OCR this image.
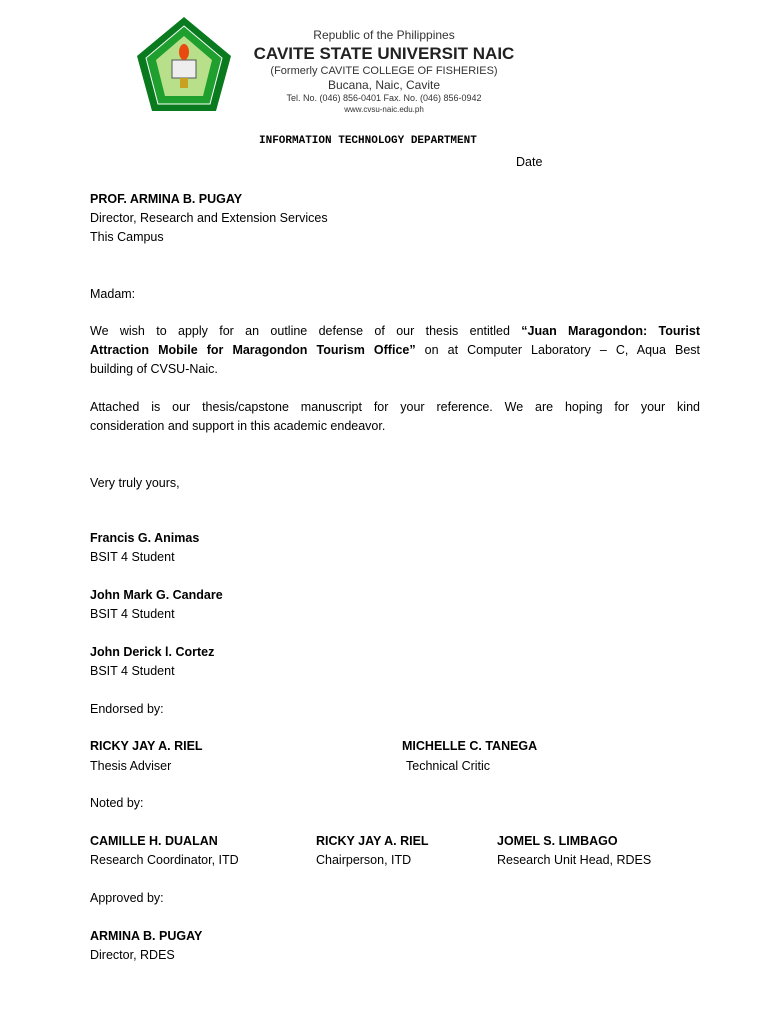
Republic of the Philippines
CAVITE STATE UNIVERSIT NAIC
(Formerly CAVITE COLLEGE OF FISHERIES)
Bucana, Naic, Cavite
Tel. No. (046) 856-0401 Fax. No. (046) 856-0942
www.cvsu-naic.edu.ph
INFORMATION TECHNOLOGY DEPARTMENT
Date
PROF. ARMINA B. PUGAY
Director, Research and Extension Services
This Campus
Madam:
We wish to apply for an outline defense of our thesis entitled “Juan Maragondon: Tourist
Attraction Mobile for Maragondon Tourism Office” on at Computer Laboratory – C, Aqua Best
building of CVSU-Naic.
Attached is our thesis/capstone manuscript for your reference. We are hoping for your kind
consideration and support in this academic endeavor.
Very truly yours,
Francis G. Animas
BSIT 4 Student
John Mark G. Candare
BSIT 4 Student
John Derick l. Cortez
BSIT 4 Student
Endorsed by:
RICKY JAY A. RIEL
Thesis Adviser
MICHELLE C. TANEGA
Technical Critic
Noted by:
CAMILLE H. DUALAN
Research Coordinator, ITD
RICKY JAY A. RIEL
Chairperson, ITD
JOMEL S. LIMBAGO
Research Unit Head, RDES
Approved by:
ARMINA B. PUGAY
Director, RDES
